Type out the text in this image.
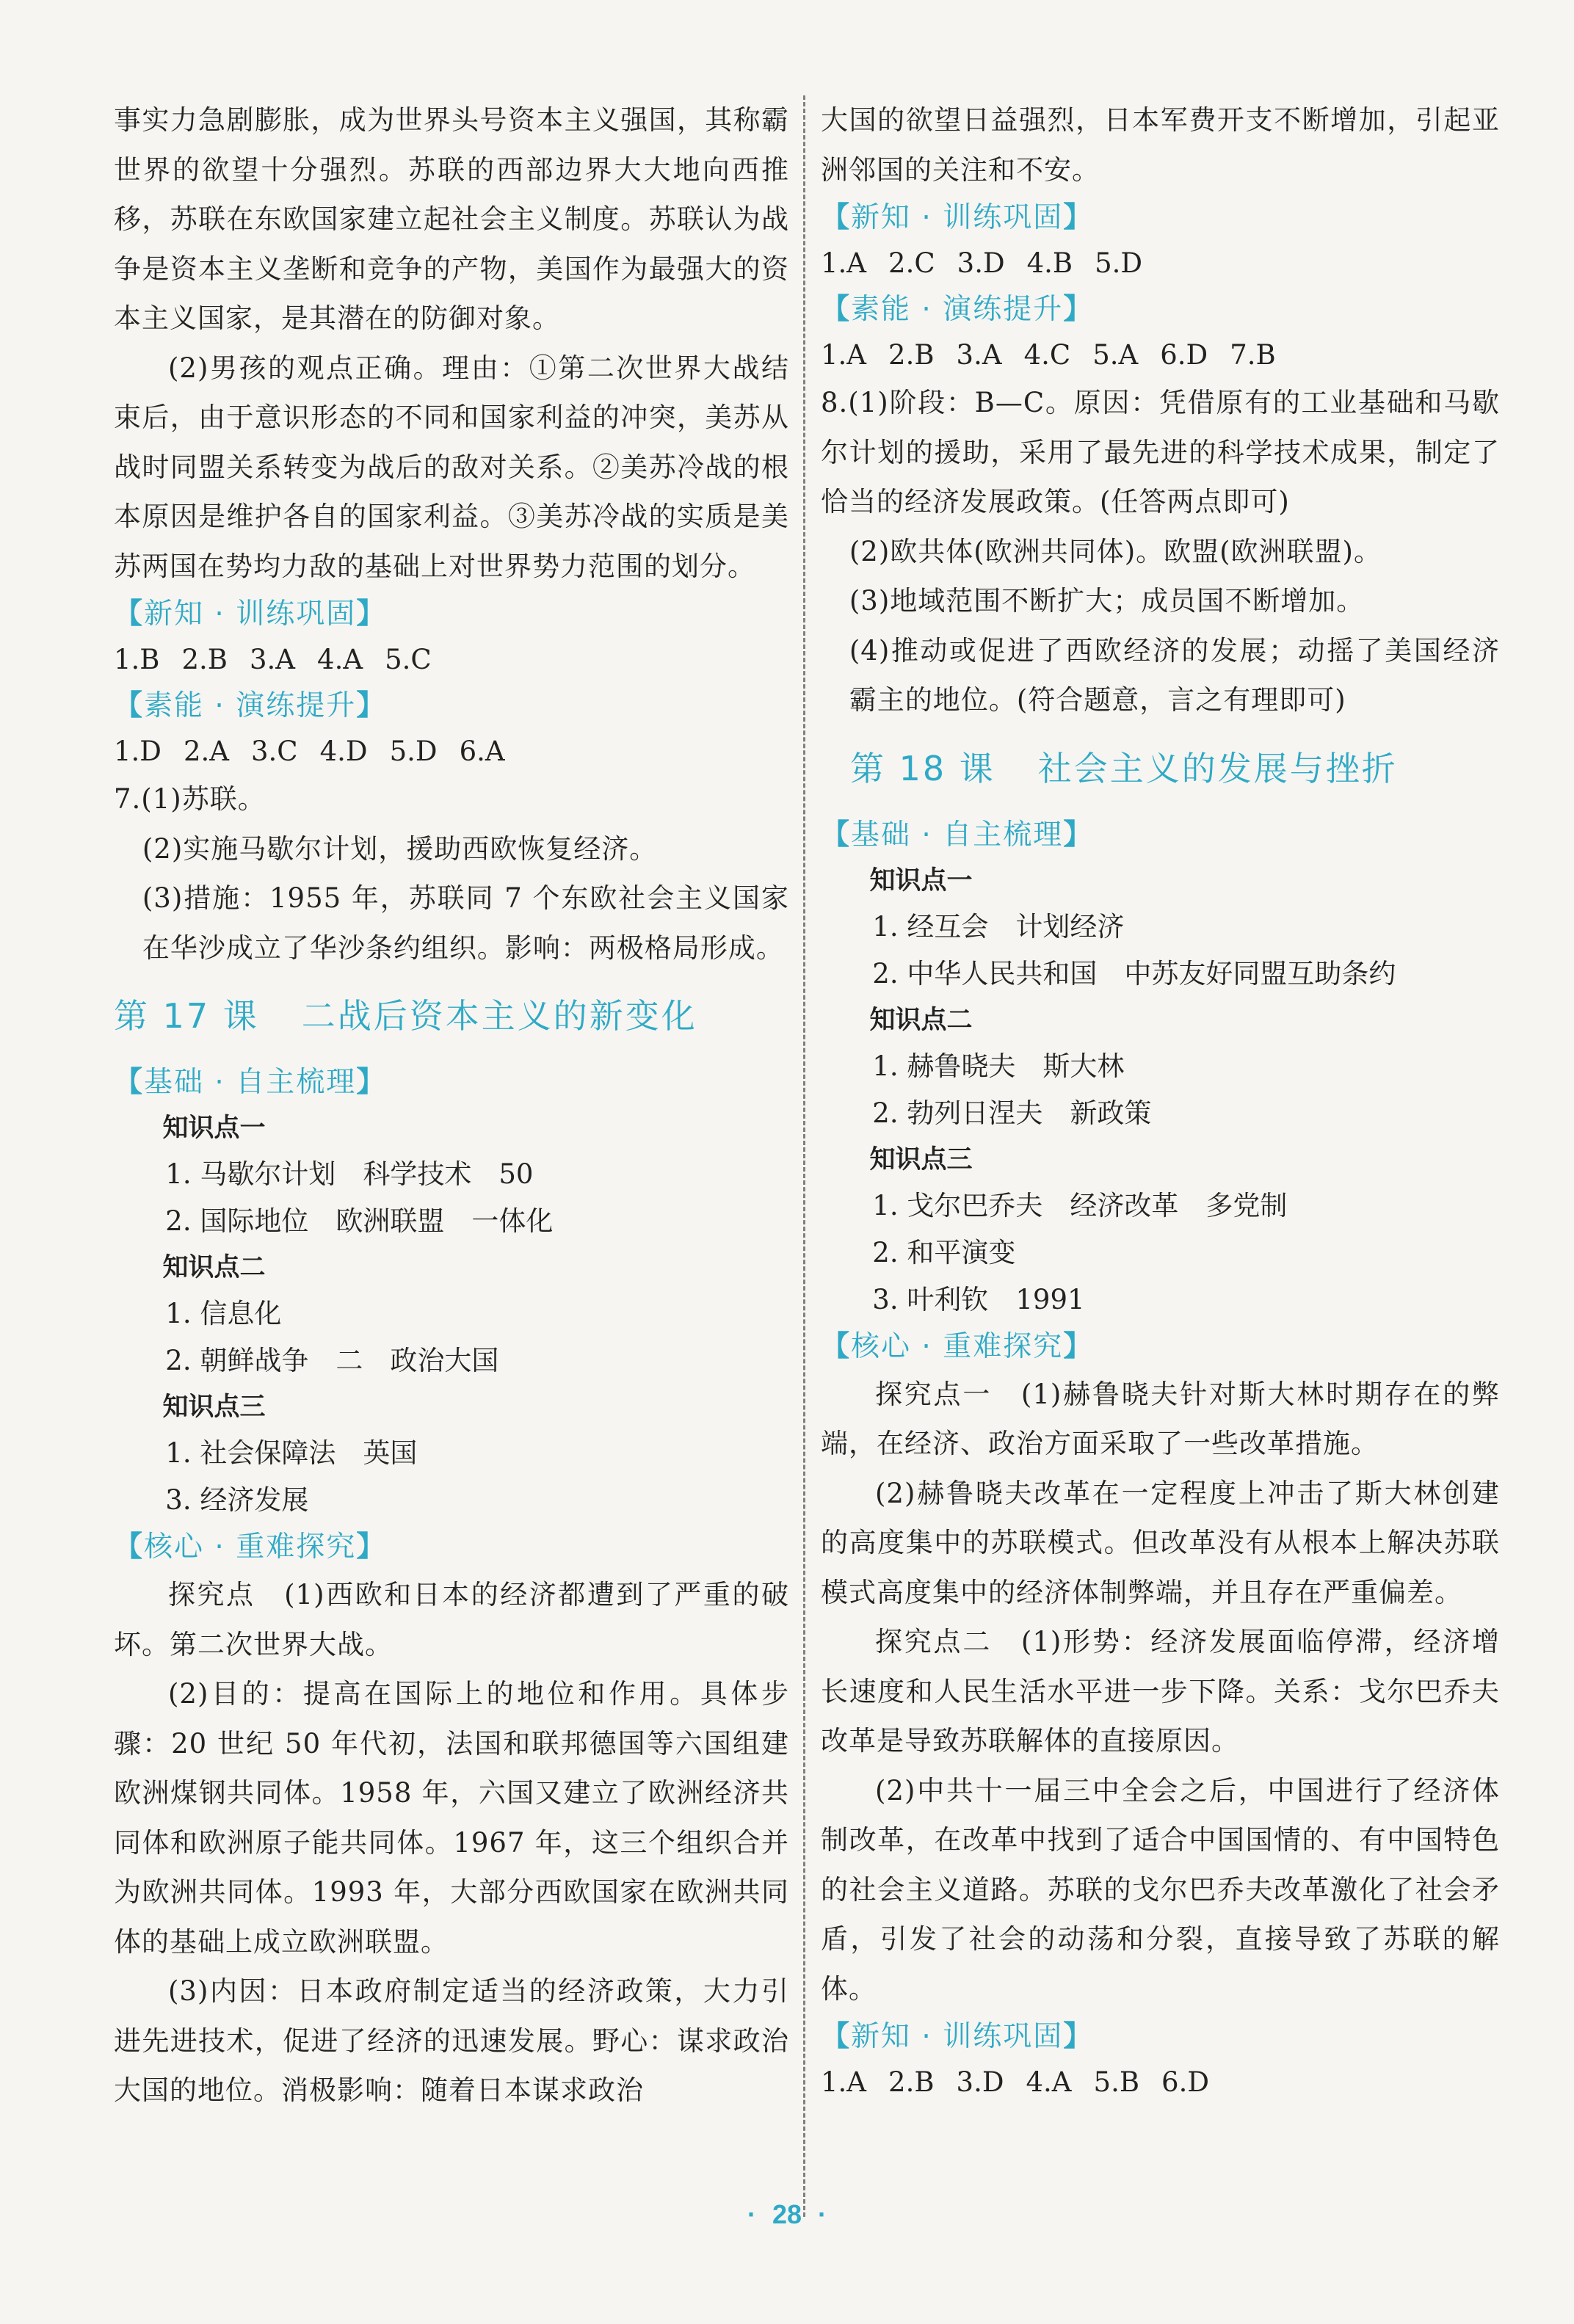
事实力急剧膨胀，成为世界头号资本主义强国，其称霸世界的欲望十分强烈。苏联的西部边界大大地向西推移，苏联在东欧国家建立起社会主义制度。苏联认为战争是资本主义垄断和竞争的产物，美国作为最强大的资本主义国家，是其潜在的防御对象。

(2)男孩的观点正确。理由：①第二次世界大战结束后，由于意识形态的不同和国家利益的冲突，美苏从战时同盟关系转变为战后的敌对关系。②美苏冷战的根本原因是维护各自的国家利益。③美苏冷战的实质是美苏两国在势均力敌的基础上对世界势力范围的划分。

【新知 · 训练巩固】
1.B 2.B 3.A 4.A 5.C
【素能 · 演练提升】
1.D 2.A 3.C 4.D 5.D 6.A

7.(1)苏联。

(2)实施马歇尔计划，援助西欧恢复经济。

(3)措施：1955 年，苏联同 7 个东欧社会主义国家在华沙成立了华沙条约组织。影响：两极格局形成。

第 17 课 二战后资本主义的新变化
【基础 · 自主梳理】
知识点一
1. 马歇尔计划　科学技术　50
2. 国际地位　欧洲联盟　一体化
知识点二
1. 信息化
2. 朝鲜战争　二　政治大国
知识点三
1. 社会保障法　英国
3. 经济发展
【核心 · 重难探究】

探究点　(1)西欧和日本的经济都遭到了严重的破坏。第二次世界大战。

(2)目的：提高在国际上的地位和作用。具体步骤：20 世纪 50 年代初，法国和联邦德国等六国组建欧洲煤钢共同体。1958 年，六国又建立了欧洲经济共同体和欧洲原子能共同体。1967 年，这三个组织合并为欧洲共同体。1993 年，大部分西欧国家在欧洲共同体的基础上成立欧洲联盟。

(3)内因：日本政府制定适当的经济政策，大力引进先进技术，促进了经济的迅速发展。野心：谋求政治大国的地位。消极影响：随着日本谋求政治

大国的欲望日益强烈，日本军费开支不断增加，引起亚洲邻国的关注和不安。

【新知 · 训练巩固】
1.A 2.C 3.D 4.B 5.D
【素能 · 演练提升】
1.A 2.B 3.A 4.C 5.A 6.D 7.B

8.(1)阶段：B—C。原因：凭借原有的工业基础和马歇尔计划的援助，采用了最先进的科学技术成果，制定了恰当的经济发展政策。(任答两点即可)

(2)欧共体(欧洲共同体)。欧盟(欧洲联盟)。

(3)地域范围不断扩大；成员国不断增加。

(4)推动或促进了西欧经济的发展；动摇了美国经济霸主的地位。(符合题意，言之有理即可)

第 18 课 社会主义的发展与挫折
【基础 · 自主梳理】
知识点一
1. 经互会　计划经济
2. 中华人民共和国　中苏友好同盟互助条约
知识点二
1. 赫鲁晓夫　斯大林
2. 勃列日涅夫　新政策
知识点三
1. 戈尔巴乔夫　经济改革　多党制
2. 和平演变
3. 叶利钦　1991
【核心 · 重难探究】

探究点一　(1)赫鲁晓夫针对斯大林时期存在的弊端，在经济、政治方面采取了一些改革措施。

(2)赫鲁晓夫改革在一定程度上冲击了斯大林创建的高度集中的苏联模式。但改革没有从根本上解决苏联模式高度集中的经济体制弊端，并且存在严重偏差。

探究点二　(1)形势：经济发展面临停滞，经济增长速度和人民生活水平进一步下降。关系：戈尔巴乔夫改革是导致苏联解体的直接原因。

(2)中共十一届三中全会之后，中国进行了经济体制改革，在改革中找到了适合中国国情的、有中国特色的社会主义道路。苏联的戈尔巴乔夫改革激化了社会矛盾，引发了社会的动荡和分裂，直接导致了苏联的解体。

【新知 · 训练巩固】
1.A 2.B 3.D 4.A 5.B 6.D
· 28 ·
